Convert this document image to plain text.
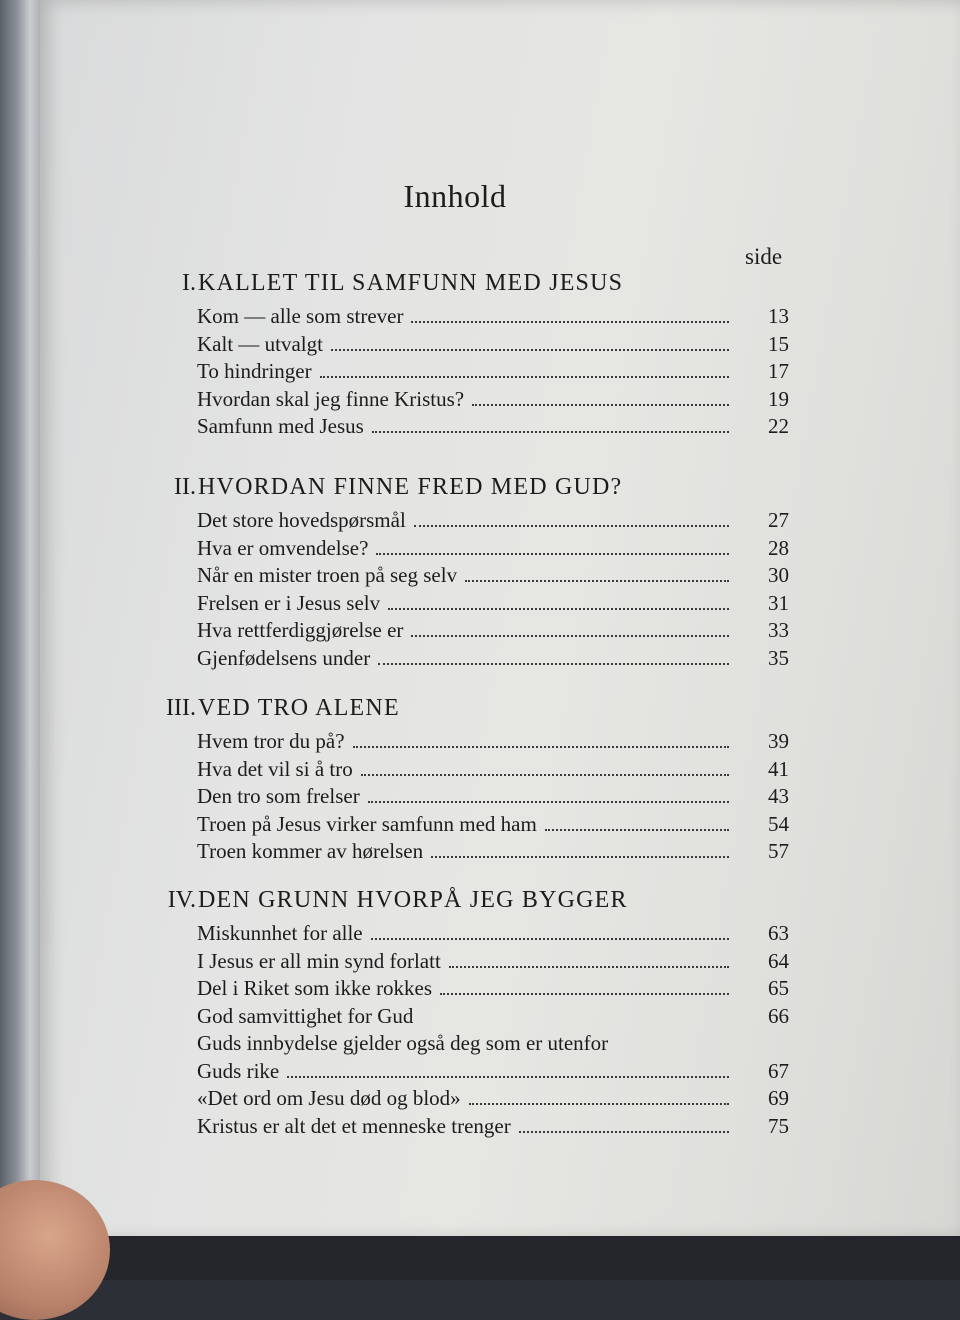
Innhold
side
I. KALLET TIL SAMFUNN MED JESUS
Kom — alle som strever	13
Kalt — utvalgt	15
To hindringer	17
Hvordan skal jeg finne Kristus?	19
Samfunn med Jesus	22
II. HVORDAN FINNE FRED MED GUD?
Det store hovedspørsmål	27
Hva er omvendelse?	28
Når en mister troen på seg selv	30
Frelsen er i Jesus selv	31
Hva rettferdiggjørelse er	33
Gjenfødelsens under	35
III. VED TRO ALENE
Hvem tror du på?	39
Hva det vil si å tro	41
Den tro som frelser	43
Troen på Jesus virker samfunn med ham	54
Troen kommer av hørelsen	57
IV. DEN GRUNN HVORPÅ JEG BYGGER
Miskunnhet for alle	63
I Jesus er all min synd forlatt	64
Del i Riket som ikke rokkes	65
God samvittighet for Gud	66
Guds innbydelse gjelder også deg som er utenfor
Guds rike	67
«Det ord om Jesu død og blod»	69
Kristus er alt det et menneske trenger	75
